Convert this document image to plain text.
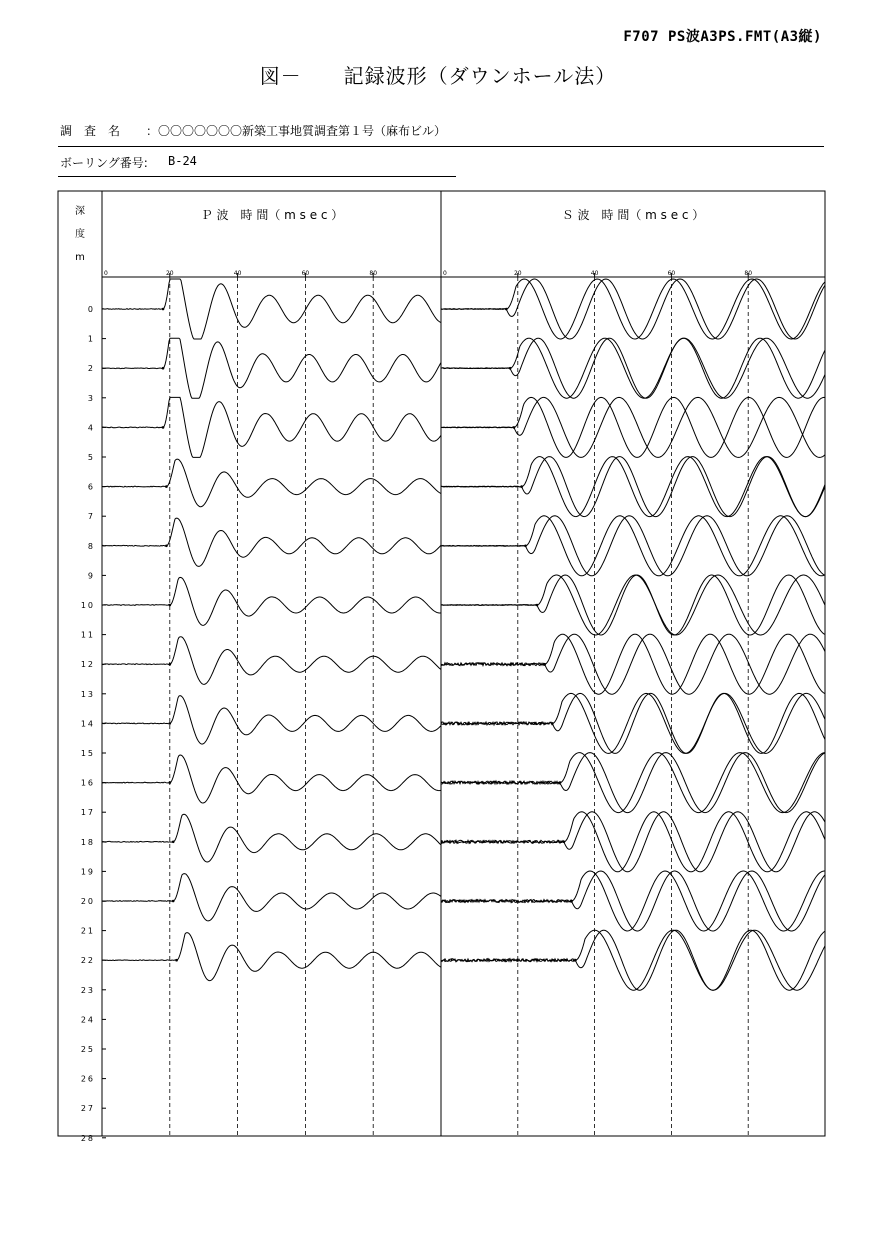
F707 PS波A3PS.FMT(A3縦)
図－　　記録波形（ダウンホール法）
調　査　名 ：〇〇〇〇〇〇〇新築工事地質調査第１号（麻布ビル）
ボーリング番号: B-24
深
度
m
Ｐ 波　時 間（ m s e c ）
0	20	40	60	80
Ｓ 波　時 間（ m s e c ）
0	20	40	60	80
0
1
2
3
4
5
6
7
8
9
10
11
12
13
14
15
16
17
18
19
20
21
22
23
24
25
26
27
28
